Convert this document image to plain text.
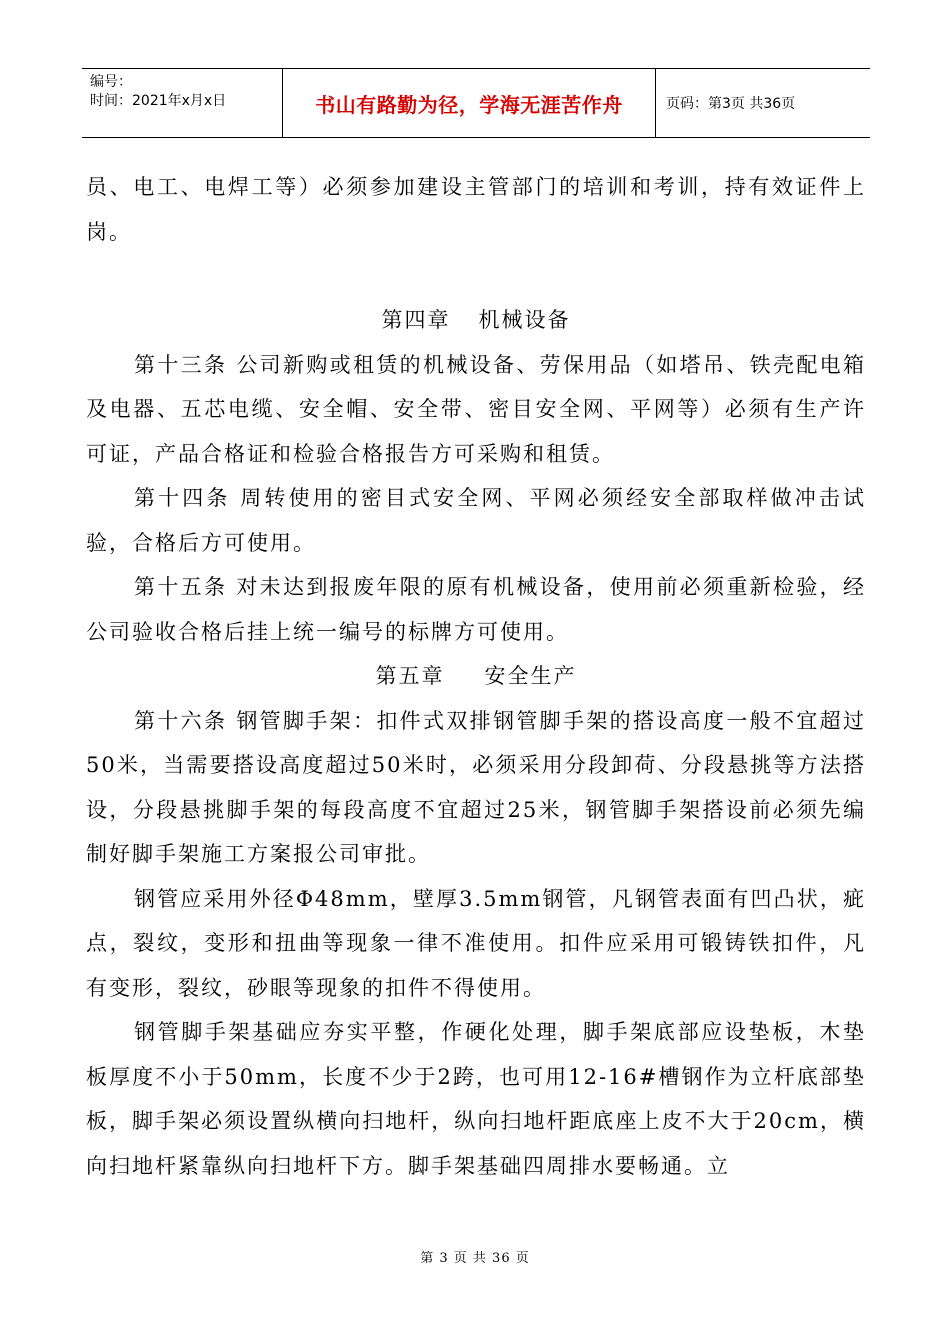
编号：
时间：2021年x月x日	书山有路勤为径，学海无涯苦作舟	页码：第3页 共36页

员、电工、电焊工等）必须参加建设主管部门的培训和考训，持有效证件上岗。

第四章 机械设备

第十三条 公司新购或租赁的机械设备、劳保用品（如塔吊、铁壳配电箱及电器、五芯电缆、安全帽、安全带、密目安全网、平网等）必须有生产许可证，产品合格证和检验合格报告方可采购和租赁。

第十四条 周转使用的密目式安全网、平网必须经安全部取样做冲击试验，合格后方可使用。

第十五条 对未达到报废年限的原有机械设备，使用前必须重新检验，经公司验收合格后挂上统一编号的标牌方可使用。

第五章 安全生产

第十六条 钢管脚手架：扣件式双排钢管脚手架的搭设高度一般不宜超过50米，当需要搭设高度超过50米时，必须采用分段卸荷、分段悬挑等方法搭设，分段悬挑脚手架的每段高度不宜超过25米，钢管脚手架搭设前必须先编制好脚手架施工方案报公司审批。

钢管应采用外径Φ48mm，壁厚3.5mm钢管，凡钢管表面有凹凸状，疵点，裂纹，变形和扭曲等现象一律不准使用。扣件应采用可锻铸铁扣件，凡有变形，裂纹，砂眼等现象的扣件不得使用。

钢管脚手架基础应夯实平整，作硬化处理，脚手架底部应设垫板，木垫板厚度不小于50mm，长度不少于2跨，也可用12-16#槽钢作为立杆底部垫板，脚手架必须设置纵横向扫地杆，纵向扫地杆距底座上皮不大于20cm，横向扫地杆紧靠纵向扫地杆下方。脚手架基础四周排水要畅通。立

第 3 页 共 36 页
